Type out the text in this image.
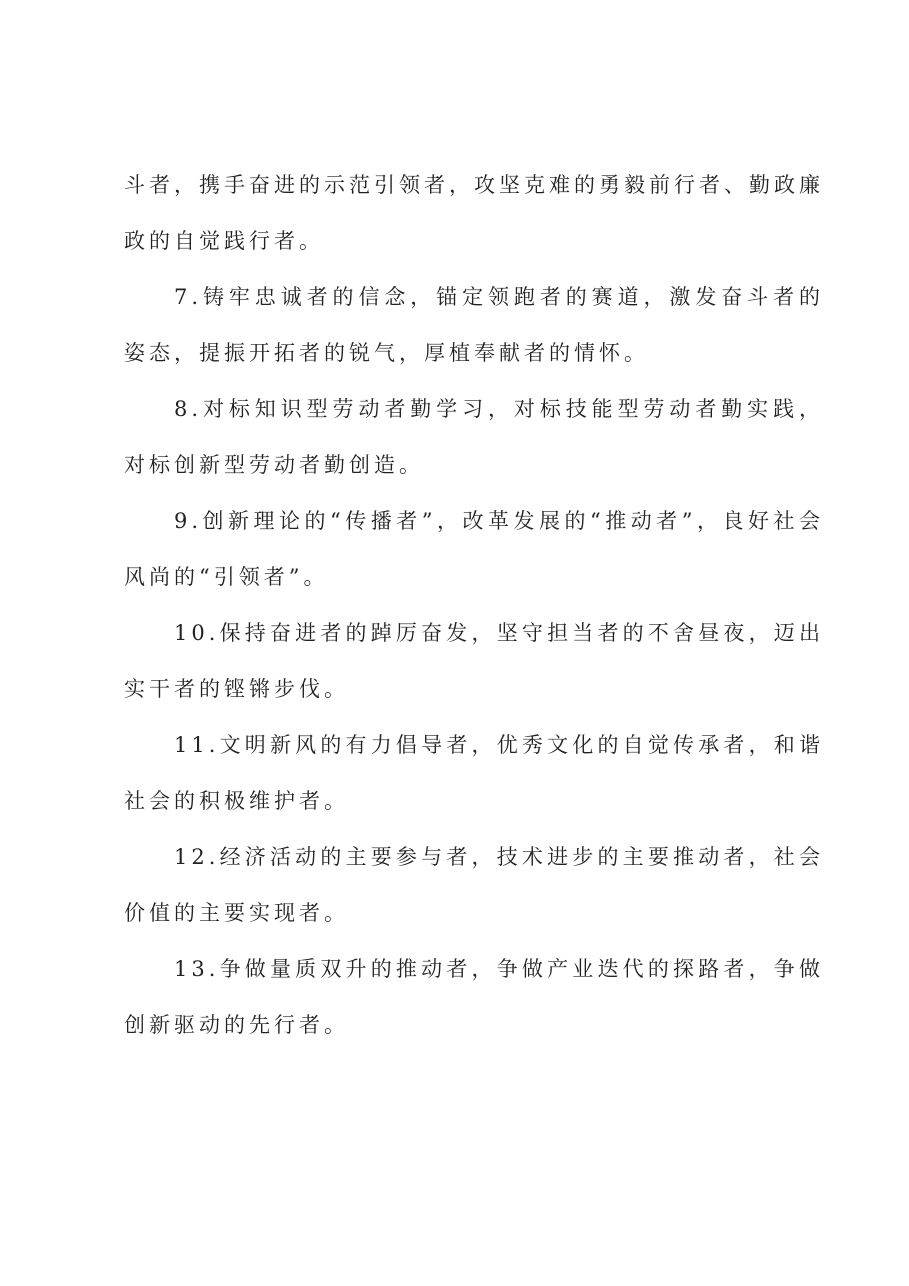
斗者，携手奋进的示范引领者，攻坚克难的勇毅前行者、勤政廉政的自觉践行者。

7.铸牢忠诚者的信念，锚定领跑者的赛道，激发奋斗者的姿态，提振开拓者的锐气，厚植奉献者的情怀。

8.对标知识型劳动者勤学习，对标技能型劳动者勤实践，对标创新型劳动者勤创造。

9.创新理论的“传播者”，改革发展的“推动者”，良好社会风尚的“引领者”。

10.保持奋进者的踔厉奋发，坚守担当者的不舍昼夜，迈出实干者的铿锵步伐。

11.文明新风的有力倡导者，优秀文化的自觉传承者，和谐社会的积极维护者。

12.经济活动的主要参与者，技术进步的主要推动者，社会价值的主要实现者。

13.争做量质双升的推动者，争做产业迭代的探路者，争做创新驱动的先行者。
